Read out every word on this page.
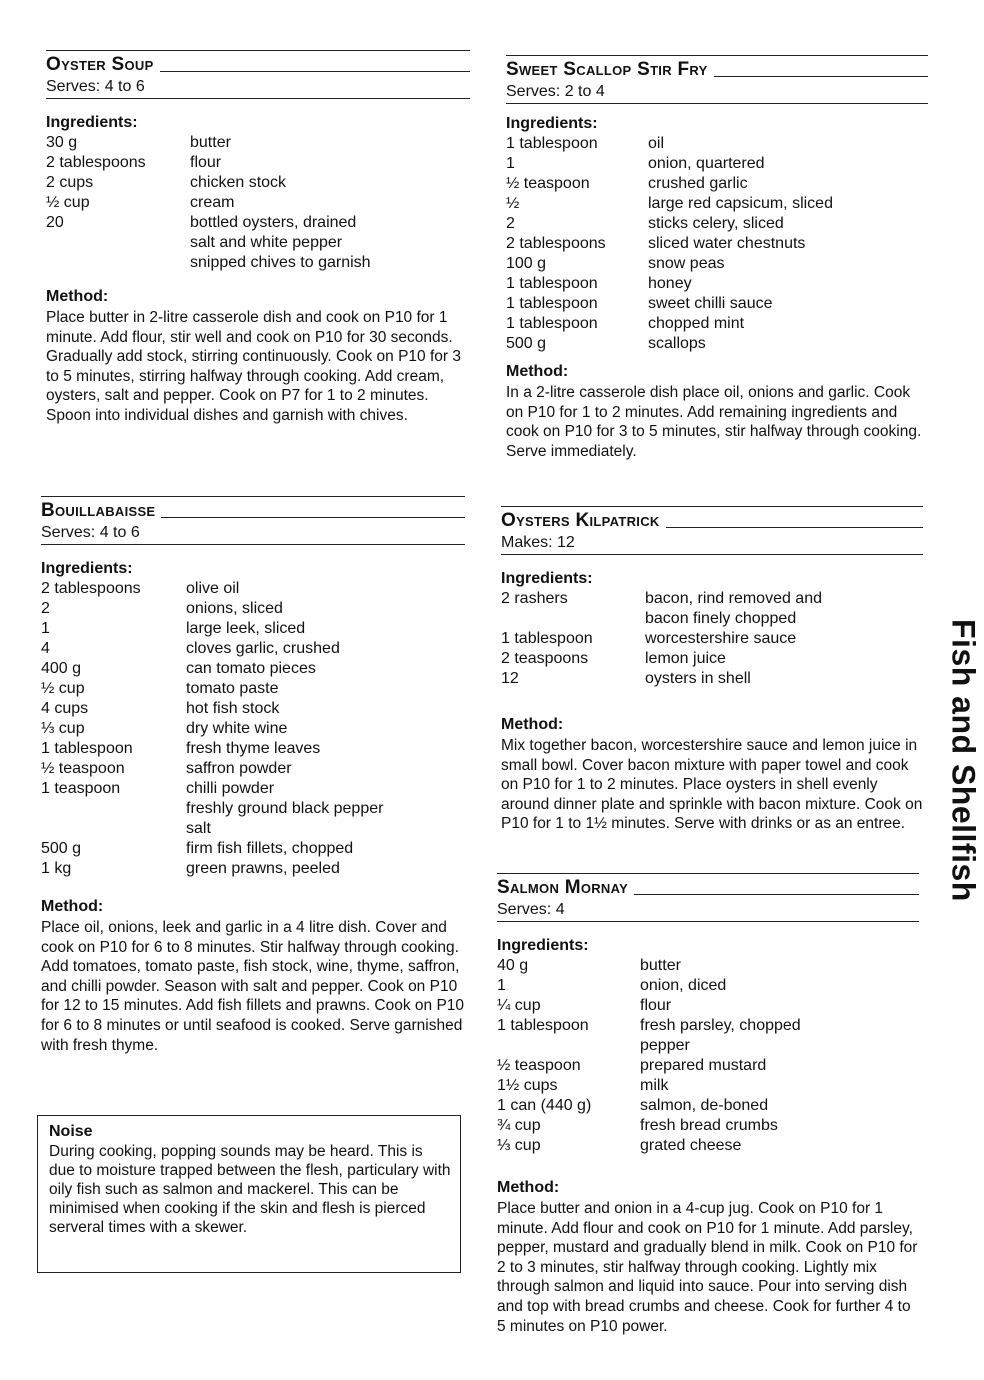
Oyster Soup
Serves: 4 to 6
Ingredients:
30 g	butter
2 tablespoons	flour
2 cups	chicken stock
½ cup	cream
20	bottled oysters, drained
salt and white pepper
snipped chives to garnish
Method:
Place butter in 2-litre casserole dish and cook on P10 for 1 minute. Add flour, stir well and cook on P10 for 30 seconds. Gradually add stock, stirring continuously. Cook on P10 for 3 to 5 minutes, stirring halfway through cooking. Add cream, oysters, salt and pepper. Cook on P7 for 1 to 2 minutes. Spoon into individual dishes and garnish with chives.
Bouillabaisse
Serves: 4 to 6
Ingredients:
2 tablespoons	olive oil
2	onions, sliced
1	large leek, sliced
4	cloves garlic, crushed
400 g	can tomato pieces
½ cup	tomato paste
4 cups	hot fish stock
⅓ cup	dry white wine
1 tablespoon	fresh thyme leaves
½ teaspoon	saffron powder
1 teaspoon	chilli powder
freshly ground black pepper
salt
500 g	firm fish fillets, chopped
1 kg	green prawns, peeled
Method:
Place oil, onions, leek and garlic in a 4 litre dish. Cover and cook on P10 for 6 to 8 minutes. Stir halfway through cooking. Add tomatoes, tomato paste, fish stock, wine, thyme, saffron, and chilli powder. Season with salt and pepper. Cook on P10 for 12 to 15 minutes. Add fish fillets and prawns. Cook on P10 for 6 to 8 minutes or until seafood is cooked. Serve garnished with fresh thyme.
Noise
During cooking, popping sounds may be heard. This is due to moisture trapped between the flesh, particulary with oily fish such as salmon and mackerel. This can be minimised when cooking if the skin and flesh is pierced serveral times with a skewer.
Sweet Scallop Stir Fry
Serves: 2 to 4
Ingredients:
1 tablespoon	oil
1	onion, quartered
½ teaspoon	crushed garlic
½	large red capsicum, sliced
2	sticks celery, sliced
2 tablespoons	sliced water chestnuts
100 g	snow peas
1 tablespoon	honey
1 tablespoon	sweet chilli sauce
1 tablespoon	chopped mint
500 g	scallops
Method:
In a 2-litre casserole dish place oil, onions and garlic. Cook on P10 for 1 to 2 minutes. Add remaining ingredients and cook on P10 for 3 to 5 minutes, stir halfway through cooking. Serve immediately.
Oysters Kilpatrick
Makes: 12
Ingredients:
2 rashers	bacon, rind removed and
bacon finely chopped
1 tablespoon	worcestershire sauce
2 teaspoons	lemon juice
12	oysters in shell
Method:
Mix together bacon, worcestershire sauce and lemon juice in small bowl. Cover bacon mixture with paper towel and cook on P10 for 1 to 2 minutes. Place oysters in shell evenly around dinner plate and sprinkle with bacon mixture. Cook on P10 for 1 to 1½ minutes. Serve with drinks or as an entree.
Salmon Mornay
Serves: 4
Ingredients:
40 g	butter
1	onion, diced
¼ cup	flour
1 tablespoon	fresh parsley, chopped
pepper
½ teaspoon	prepared mustard
1½ cups	milk
1 can (440 g)	salmon, de-boned
¾ cup	fresh bread crumbs
⅓ cup	grated cheese
Method:
Place butter and onion in a 4-cup jug. Cook on P10 for 1 minute. Add flour and cook on P10 for 1 minute. Add parsley, pepper, mustard and gradually blend in milk. Cook on P10 for 2 to 3 minutes, stir halfway through cooking. Lightly mix through salmon and liquid into sauce. Pour into serving dish and top with bread crumbs and cheese. Cook for further 4 to 5 minutes on P10 power.
Fish and Shellfish
